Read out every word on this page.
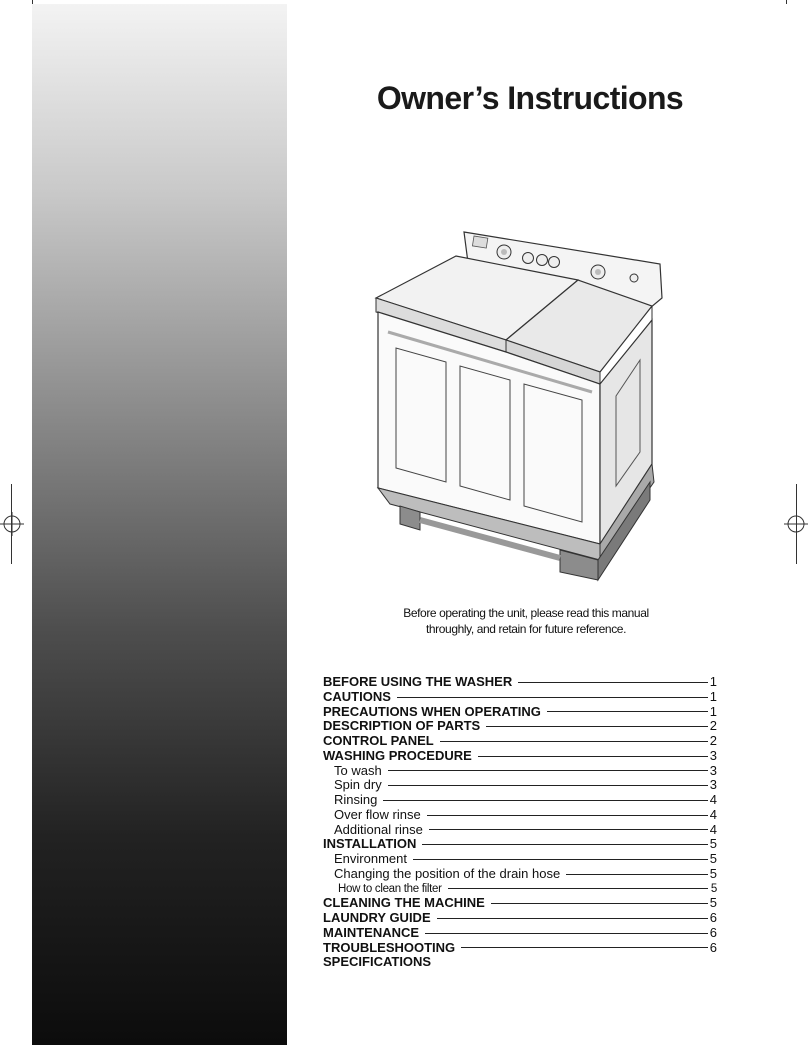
Owner’s Instructions
Before operating the unit, please read this manual
throughly, and retain for future reference.
BEFORE USING THE WASHER	1
CAUTIONS	1
PRECAUTIONS WHEN OPERATING	1
DESCRIPTION OF PARTS	2
CONTROL PANEL	2
WASHING PROCEDURE	3
To wash	3
Spin dry	3
Rinsing	4
Over flow rinse	4
Additional rinse	4
INSTALLATION	5
Environment	5
Changing the position of the drain hose	5
How to clean the filter	5
CLEANING THE MACHINE	5
LAUNDRY GUIDE	6
MAINTENANCE	6
TROUBLESHOOTING	6
SPECIFICATIONS
